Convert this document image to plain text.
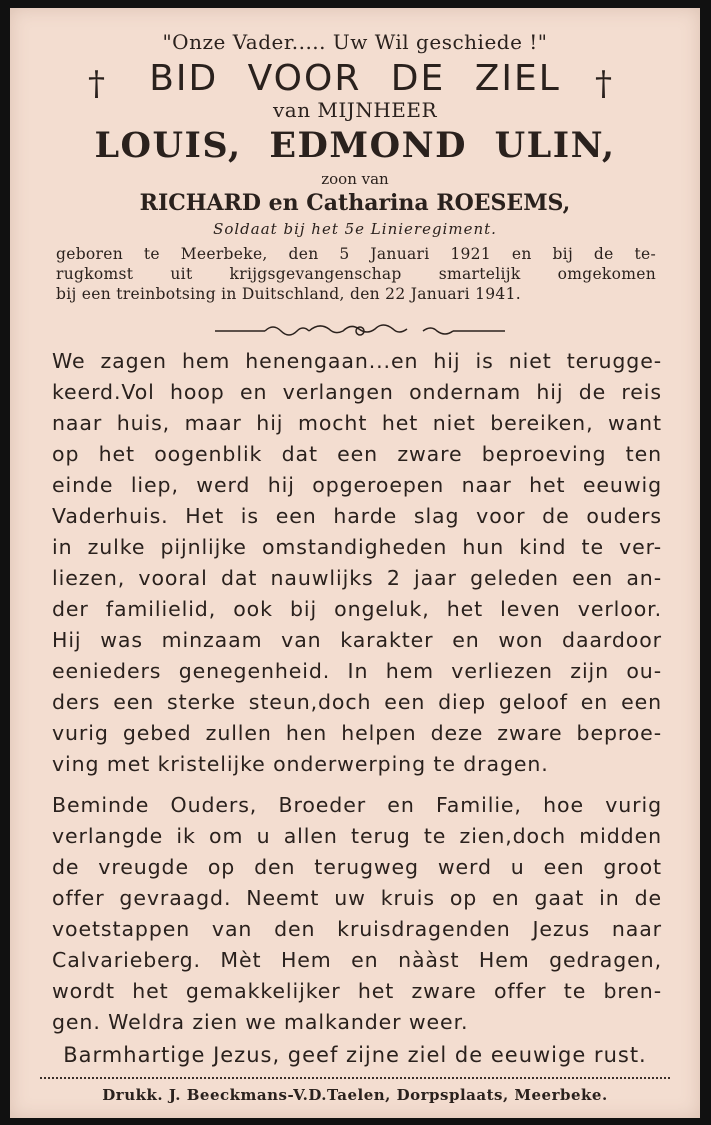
"Onze Vader..... Uw Wil geschiede !"
†	BID VOOR DE ZIEL	†
van MIJNHEER
LOUIS, EDMOND ULIN,
zoon van
RICHARD en Catharina ROESEMS,
Soldaat bij het 5e Linieregiment.
geboren te Meerbeke, den 5 Januari 1921 en bij de te-
rugkomst uit krijgsgevangenschap smartelijk omgekomen
bij een treinbotsing in Duitschland, den 22 Januari 1941.
We zagen hem henengaan...en hij is niet terugge-
keerd.Vol hoop en verlangen ondernam hij de reis
naar huis, maar hij mocht het niet bereiken, want
op het oogenblik dat een zware beproeving ten
einde liep, werd hij opgeroepen naar het eeuwig
Vaderhuis. Het is een harde slag voor de ouders
in zulke pijnlijke omstandigheden hun kind te ver-
liezen, vooral dat nauwlijks 2 jaar geleden een an-
der familielid, ook bij ongeluk, het leven verloor.
Hij was minzaam van karakter en won daardoor
eenieders genegenheid. In hem verliezen zijn ou-
ders een sterke steun,doch een diep geloof en een
vurig gebed zullen hen helpen deze zware beproe-
ving met kristelijke onderwerping te dragen.
Beminde Ouders, Broeder en Familie, hoe vurig
verlangde ik om u allen terug te zien,doch midden
de vreugde op den terugweg werd u een groot
offer gevraagd. Neemt uw kruis op en gaat in de
voetstappen van den kruisdragenden Jezus naar
Calvarieberg. Mèt Hem en nààst Hem gedragen,
wordt het gemakkelijker het zware offer te bren-
gen. Weldra zien we malkander weer.
Barmhartige Jezus, geef zijne ziel de eeuwige rust.
Drukk. J. Beeckmans-V.D.Taelen, Dorpsplaats, Meerbeke.
